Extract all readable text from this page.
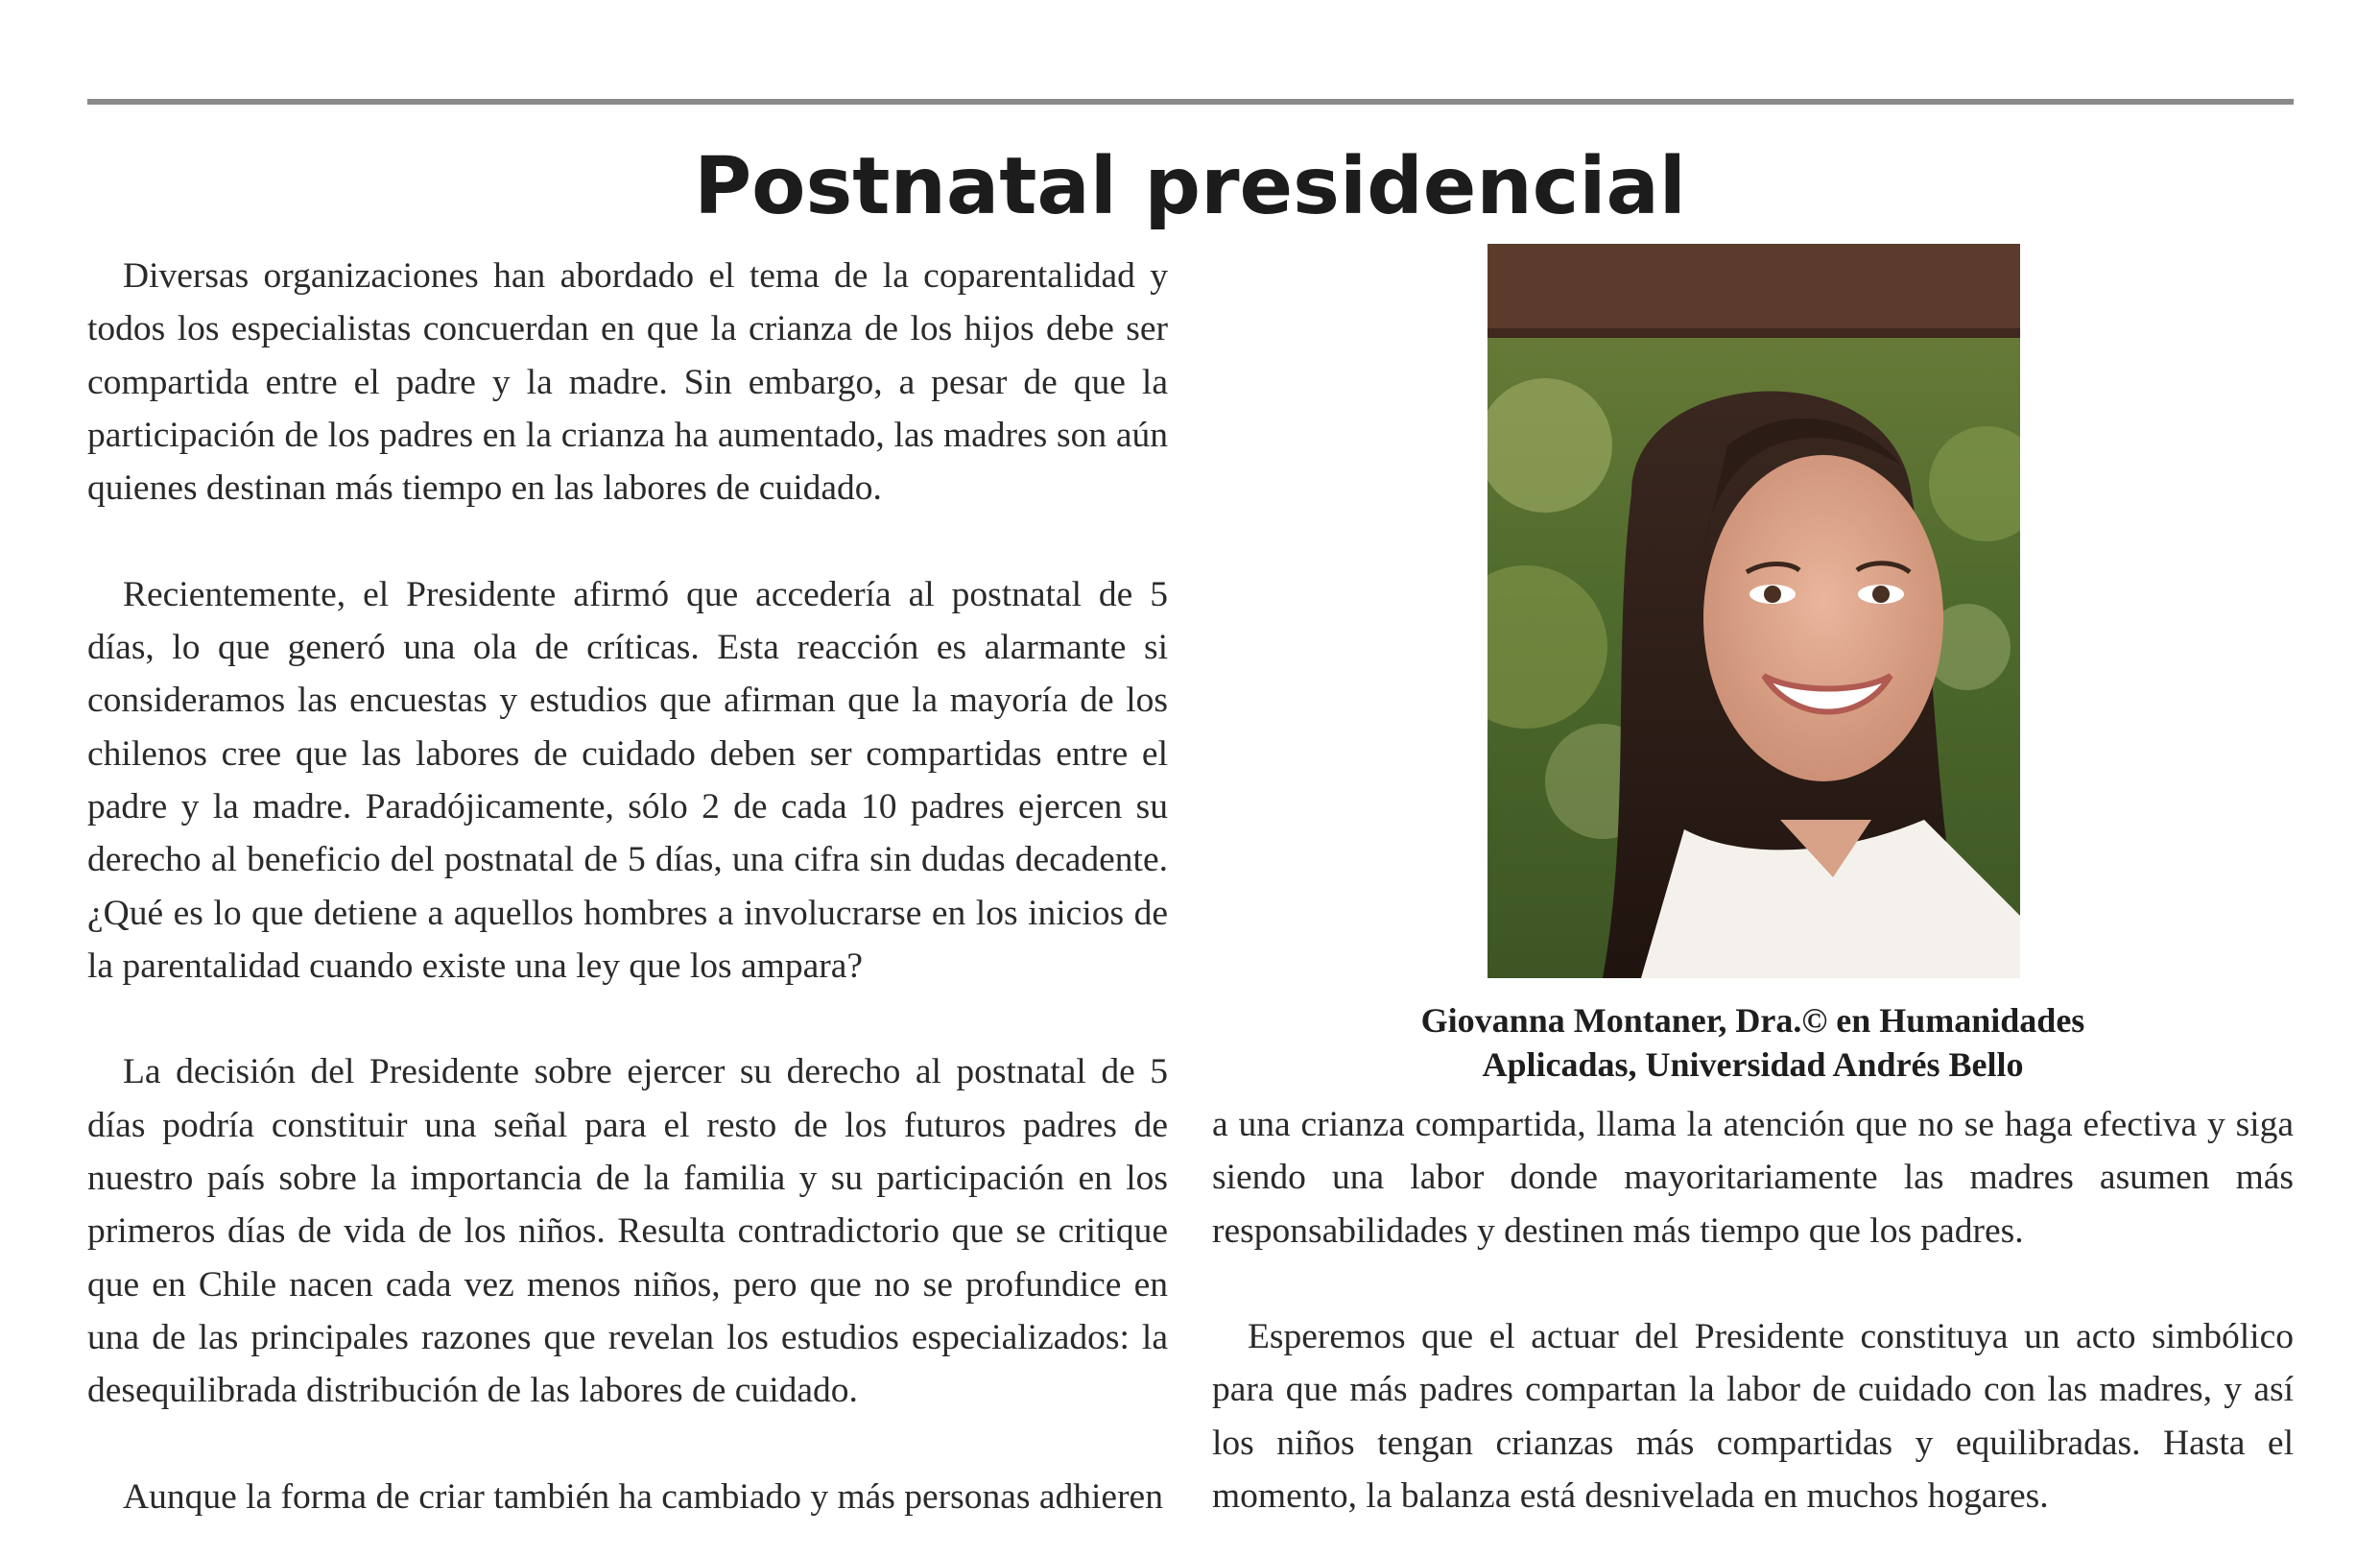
Postnatal presidencial

Diversas organizaciones han abordado el tema de la coparentalidad y todos los especialistas concuerdan en que la crianza de los hijos debe ser compartida entre el padre y la madre. Sin embargo, a pesar de que la participación de los padres en la crianza ha aumentado, las madres son aún quienes destinan más tiempo en las labores de cuidado.

Recientemente, el Presidente afirmó que accedería al postnatal de 5 días, lo que generó una ola de críticas. Esta reacción es alarmante si consideramos las encuestas y estudios que afirman que la mayoría de los chilenos cree que las labores de cuidado deben ser compartidas entre el padre y la madre. Paradójicamente, sólo 2 de cada 10 padres ejercen su derecho al beneficio del postnatal de 5 días, una cifra sin dudas decadente. ¿Qué es lo que detiene a aquellos hombres a involucrarse en los inicios de la parentalidad cuando existe una ley que los ampara?

La decisión del Presidente sobre ejercer su derecho al postnatal de 5 días podría constituir una señal para el resto de los futuros padres de nuestro país sobre la importancia de la familia y su participación en los primeros días de vida de los niños. Resulta contradictorio que se critique que en Chile nacen cada vez menos niños, pero que no se profundice en una de las principales razones que revelan los estudios especializados: la desequilibrada distribución de las labores de cuidado.

Aunque la forma de criar también ha cambiado y más personas adhieren

Giovanna Montaner, Dra.© en Humanidades
Aplicadas, Universidad Andrés Bello

a una crianza compartida, llama la atención que no se haga efectiva y siga siendo una labor donde mayoritariamente las madres asumen más responsabilidades y destinen más tiempo que los padres.

Esperemos que el actuar del Presidente constituya un acto simbólico para que más padres compartan la labor de cuidado con las madres, y así los niños tengan crianzas más compartidas y equilibradas. Hasta el momento, la balanza está desnivelada en muchos hogares.
